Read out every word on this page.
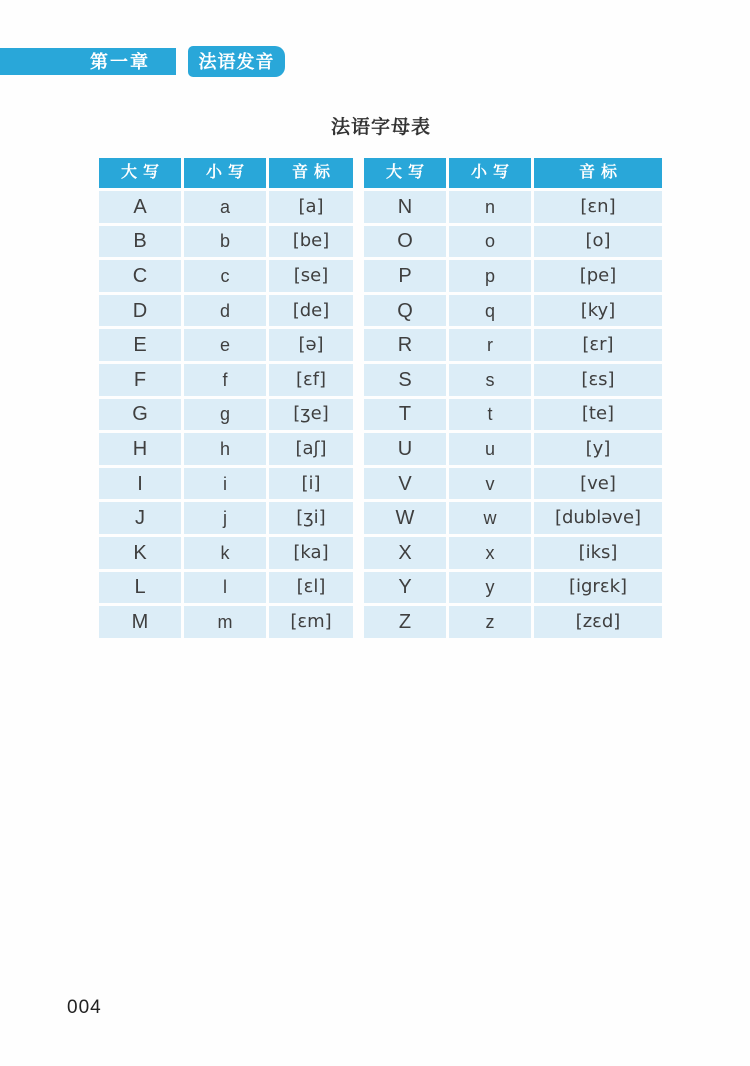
第一章	法语发音
法语字母表
大写	小写	音标
A	a	[a]
B	b	[be]
C	c	[se]
D	d	[de]
E	e	[ə]
F	f	[ɛf]
G	g	[ʒe]
H	h	[aʃ]
I	i	[i]
J	j	[ʒi]
K	k	[ka]
L	l	[ɛl]
M	m	[ɛm]
大写	小写	音标
N	n	[ɛn]
O	o	[o]
P	p	[pe]
Q	q	[ky]
R	r	[ɛr]
S	s	[ɛs]
T	t	[te]
U	u	[y]
V	v	[ve]
W	w	[dubləve]
X	x	[iks]
Y	y	[igrɛk]
Z	z	[zɛd]
004
